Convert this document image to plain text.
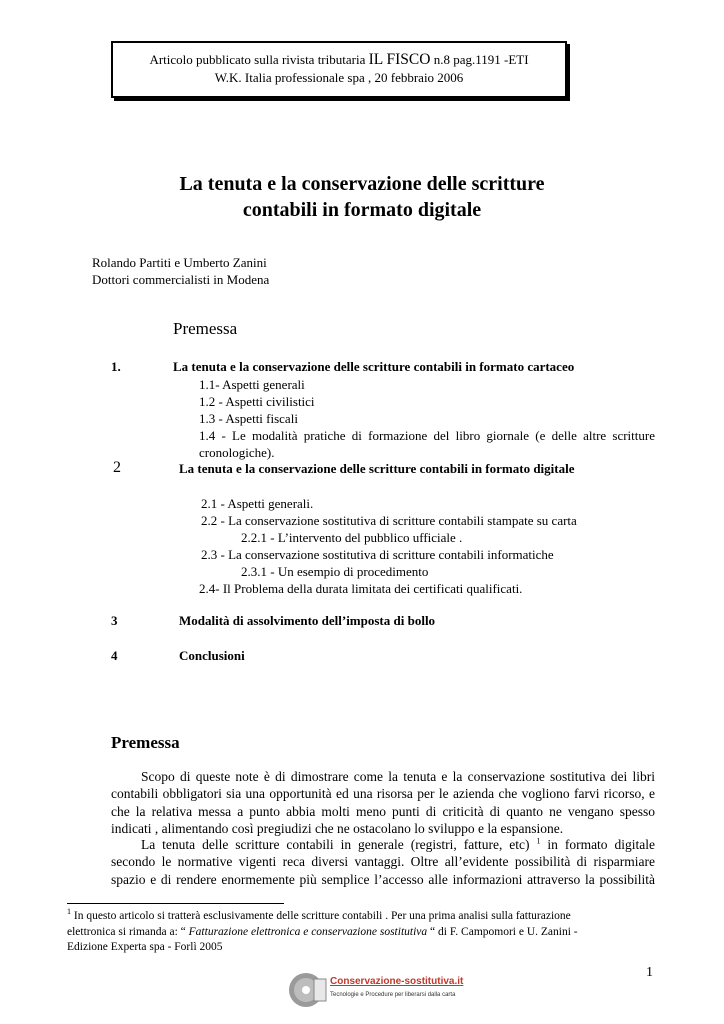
Articolo pubblicato sulla rivista tributaria IL FISCO n.8 pag.1191 -ETI
W.K. Italia professionale spa , 20 febbraio 2006
La tenuta e la conservazione delle scritture
contabili in formato digitale
Rolando Partiti e Umberto Zanini
Dottori commercialisti in Modena
Premessa
1.	La tenuta e la conservazione delle scritture contabili in formato cartaceo
1.1- Aspetti generali
1.2 - Aspetti civilistici
1.3 - Aspetti fiscali
1.4 - Le modalità pratiche di formazione del libro giornale (e delle altre scritture cronologiche).
2	La tenuta e la conservazione delle scritture contabili in formato digitale
2.1 - Aspetti generali.
2.2 - La conservazione sostitutiva di scritture contabili stampate su carta
2.2.1 - L’intervento del pubblico ufficiale .
2.3 - La conservazione sostitutiva di scritture contabili informatiche
2.3.1 - Un esempio di procedimento
2.4- Il Problema della durata limitata dei certificati qualificati.
3	Modalità di assolvimento dell’imposta di bollo
4	Conclusioni
Premessa
Scopo di queste note è di dimostrare come la tenuta e la conservazione sostitutiva dei libri
contabili obbligatori sia una opportunità ed una risorsa per le azienda che vogliono farvi ricorso, e
che la relativa messa a punto abbia molti meno punti di criticità di quanto ne vengano spesso
indicati , alimentando così pregiudizi che ne ostacolano lo sviluppo e la espansione.
La tenuta delle scritture contabili in generale (registri, fatture, etc) $^1$ in formato digitale
secondo le normative vigenti reca diversi vantaggi. Oltre all’evidente possibilità di risparmiare
spazio e di rendere enormemente più semplice l’accesso alle informazioni attraverso la possibilità
$^1$ In questo articolo si tratterà esclusivamente delle scritture contabili . Per una prima analisi sulla fatturazione
elettronica si rimanda a: “ Fatturazione elettronica e conservazione sostitutiva “ di F. Campomori e U. Zanini -
Edizione Experta spa - Forlì 2005
1
Conservazione-sostitutiva.it
Tecnologie e Procedure per liberarsi dalla carta
